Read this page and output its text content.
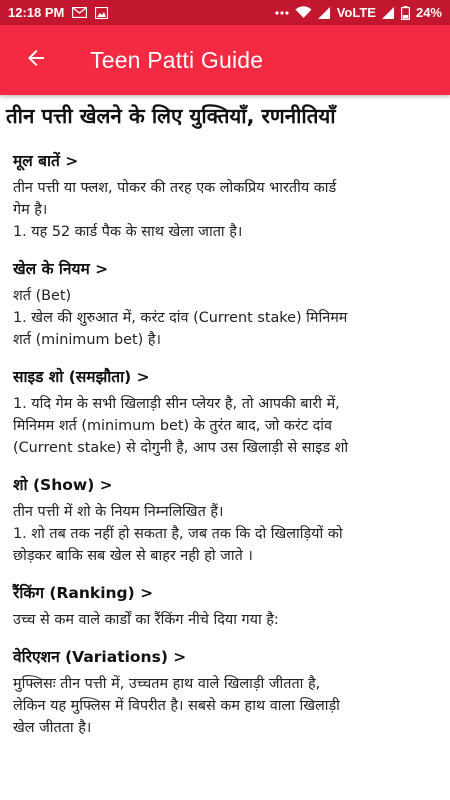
12:18 PM	VoLTE	24%
Teen Patti Guide
तीन पत्ती खेलने के लिए युक्तियाँ, रणनीतियाँ
मूल बातें >
तीन पत्ती या फ्लश, पोकर की तरह एक लोकप्रिय भारतीय कार्ड
गेम है।
1. यह 52 कार्ड पैक के साथ खेला जाता है।
खेल के नियम >
शर्त (Bet)
1. खेल की शुरुआत में, करंट दांव (Current stake) मिनिमम
शर्त (minimum bet) है।
साइड शो (समझौता) >
1. यदि गेम के सभी खिलाड़ी सीन प्लेयर है, तो आपकी बारी में,
मिनिमम शर्त (minimum bet) के तुरंत बाद, जो करंट दांव
(Current stake) से दोगुनी है, आप उस खिलाड़ी से साइड शो
शो (Show) >
तीन पत्ती में शो के नियम निम्नलिखित हैं।
1. शो तब तक नहीं हो सकता है, जब तक कि दो खिलाड़ियों को
छोड़कर बाकि सब खेल से बाहर नही हो जाते ।
रैंकिंग (Ranking) >
उच्च से कम वाले कार्डों का रैंकिंग नीचे दिया गया है:
वेरिएशन (Variations) >
मुफ्लिसः तीन पत्ती में, उच्चतम हाथ वाले खिलाड़ी जीतता है,
लेकिन यह मुफ्लिस में विपरीत है। सबसे कम हाथ वाला खिलाड़ी
खेल जीतता है।
